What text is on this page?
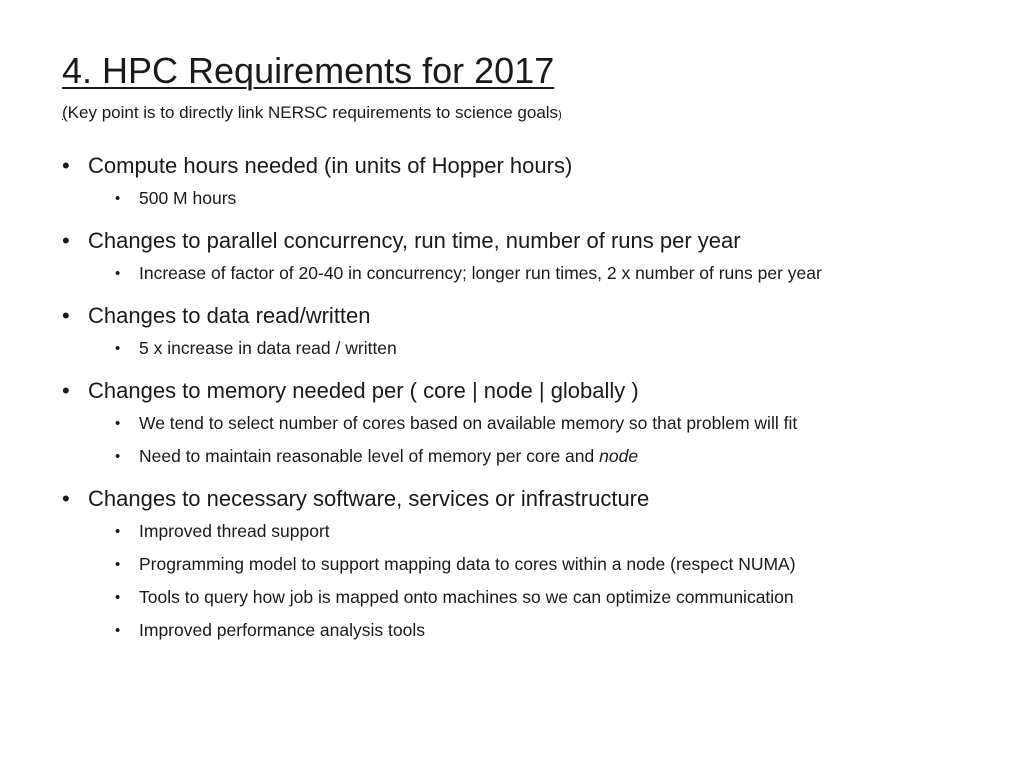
4. HPC Requirements for 2017
(Key point is to directly link NERSC requirements to science goals)
• Compute hours needed (in units of Hopper hours)
• 500 M hours
• Changes to parallel concurrency, run time, number of runs per year
• Increase of factor of 20-40 in concurrency; longer run times, 2 x number of runs per year
• Changes to data read/written
• 5 x increase in data read / written
• Changes to memory needed per ( core | node | globally )
• We tend to select number of cores based on available memory so that problem will fit
• Need to maintain reasonable level of memory per core and node
• Changes to necessary software, services or infrastructure
• Improved thread support
• Programming model to support mapping data to cores within a node (respect NUMA)
• Tools to query how job is mapped onto machines so we can optimize communication
• Improved performance analysis tools
